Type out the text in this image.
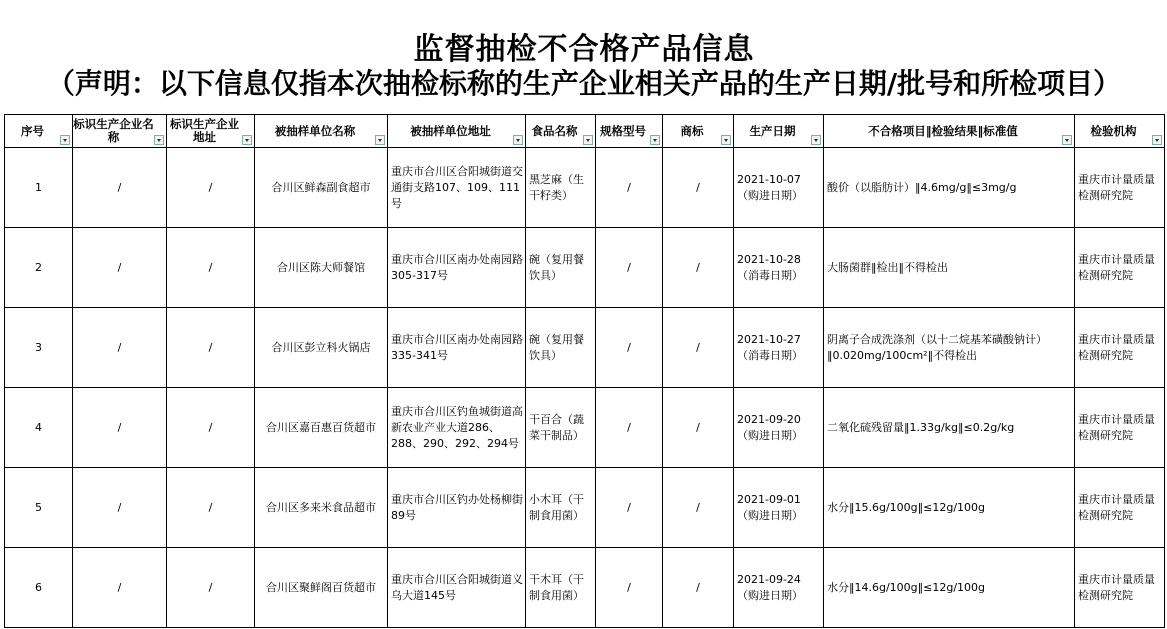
监督抽检不合格产品信息
（声明：以下信息仅指本次抽检标称的生产企业相关产品的生产日期/批号和所检项目）
序号	标识生产企业名称	标识生产企业地址	被抽样单位名称	被抽样单位地址	食品名称	规格型号	商标	生产日期	不合格项目‖检验结果‖标准值	检验机构

1	/	/	合川区鲜森副食超市	重庆市合川区合阳城街道交通街支路107、109、111号	黑芝麻（生干籽类）	/	/	2021-10-07（购进日期）	酸价（以脂肪计）‖4.6mg/g‖≤3mg/g	重庆市计量质量检测研究院
2	/	/	合川区陈大师餐馆	重庆市合川区南办处南园路305-317号	碗（复用餐饮具）	/	/	2021-10-28（消毒日期）	大肠菌群‖检出‖不得检出	重庆市计量质量检测研究院
3	/	/	合川区彭立科火锅店	重庆市合川区南办处南园路335-341号	碗（复用餐饮具）	/	/	2021-10-27（消毒日期）	阴离子合成洗涤剂（以十二烷基苯磺酸钠计）‖0.020mg/100cm²‖不得检出	重庆市计量质量检测研究院
4	/	/	合川区嘉百惠百货超市	重庆市合川区钓鱼城街道高新农业产业大道286、288、290、292、294号	干百合（蔬菜干制品）	/	/	2021-09-20（购进日期）	二氧化硫残留量‖1.33g/kg‖≤0.2g/kg	重庆市计量质量检测研究院
5	/	/	合川区多来米食品超市	重庆市合川区钓办处杨柳街89号	小木耳（干制食用菌）	/	/	2021-09-01（购进日期）	水分‖15.6g/100g‖≤12g/100g	重庆市计量质量检测研究院
6	/	/	合川区聚鲜阁百货超市	重庆市合川区合阳城街道义乌大道145号	干木耳（干制食用菌）	/	/	2021-09-24（购进日期）	水分‖14.6g/100g‖≤12g/100g	重庆市计量质量检测研究院
